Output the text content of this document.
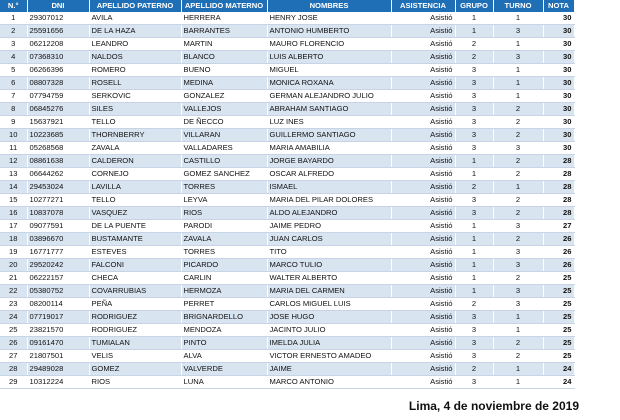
N.°	DNI	APELLIDO PATERNO	APELLIDO MATERNO	NOMBRES	ASISTENCIA	GRUPO	TURNO	NOTA
1	29307012	AVILA	HERRERA	HENRY JOSE	Asistió	1	1	30
2	25591656	DE LA HAZA	BARRANTES	ANTONIO HUMBERTO	Asistió	1	3	30
3	06212208	LEANDRO	MARTIN	MAURO FLORENCIO	Asistió	2	1	30
4	07368310	NALDOS	BLANCO	LUIS ALBERTO	Asistió	2	3	30
5	06266396	ROMERO	BUENO	MIGUEL	Asistió	3	1	30
6	08807328	ROSELL	MEDINA	MONICA ROXANA	Asistió	3	1	30
7	07794759	SERKOVIC	GONZALEZ	GERMAN ALEJANDRO JULIO	Asistió	3	1	30
8	06845276	SILES	VALLEJOS	ABRAHAM SANTIAGO	Asistió	3	2	30
9	15637921	TELLO	DE ÑECCO	LUZ INES	Asistió	3	2	30
10	10223685	THORNBERRY	VILLARAN	GUILLERMO SANTIAGO	Asistió	3	2	30
11	05268568	ZAVALA	VALLADARES	MARIA AMABILIA	Asistió	3	3	30
12	08861638	CALDERON	CASTILLO	JORGE BAYARDO	Asistió	1	2	28
13	06644262	CORNEJO	GOMEZ SANCHEZ	OSCAR ALFREDO	Asistió	1	2	28
14	29453024	LAVILLA	TORRES	ISMAEL	Asistió	2	1	28
15	10277271	TELLO	LEYVA	MARIA DEL PILAR DOLORES	Asistió	3	2	28
16	10837078	VASQUEZ	RIOS	ALDO ALEJANDRO	Asistió	3	2	28
17	09077591	DE LA PUENTE	PARODI	JAIME PEDRO	Asistió	1	3	27
18	03896670	BUSTAMANTE	ZAVALA	JUAN CARLOS	Asistió	1	2	26
19	16771777	ESTEVES	TORRES	TITO	Asistió	1	3	26
20	29520242	FALCONI	PICARDO	MARCO TULIO	Asistió	1	3	26
21	06222157	CHECA	CARLIN	WALTER ALBERTO	Asistió	1	2	25
22	05380752	COVARRUBIAS	HERMOZA	MARIA DEL CARMEN	Asistió	1	3	25
23	08200114	PEÑA	PERRET	CARLOS MIGUEL LUIS	Asistió	2	3	25
24	07719017	RODRIGUEZ	BRIGNARDELLO	JOSE HUGO	Asistió	3	1	25
25	23821570	RODRIGUEZ	MENDOZA	JACINTO JULIO	Asistió	3	1	25
26	09161470	TUMIALAN	PINTO	IMELDA JULIA	Asistió	3	2	25
27	21807501	VELIS	ALVA	VICTOR ERNESTO AMADEO	Asistió	3	2	25
28	29489028	GOMEZ	VALVERDE	JAIME	Asistió	2	1	24
29	10312224	RIOS	LUNA	MARCO ANTONIO	Asistió	3	1	24
Lima, 4 de noviembre de 2019
